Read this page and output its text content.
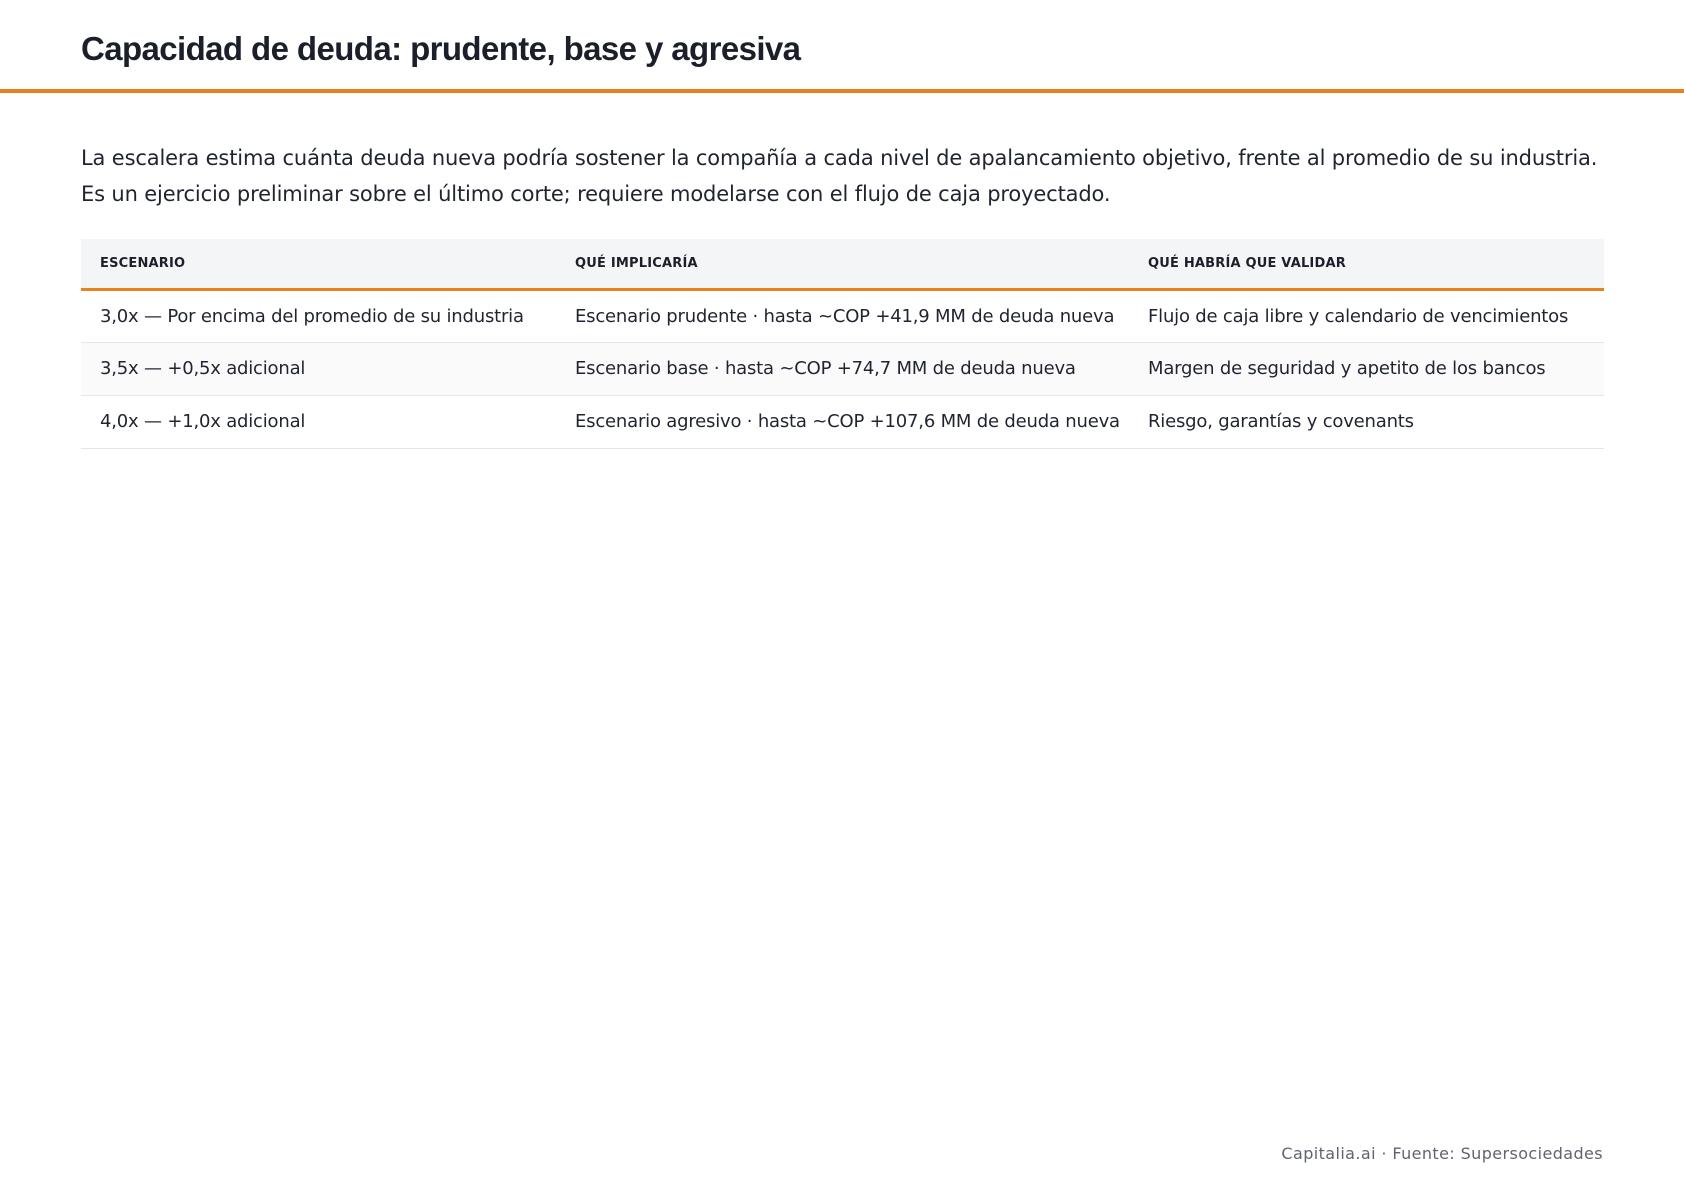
Capacidad de deuda: prudente, base y agresiva

La escalera estima cuánta deuda nueva podría sostener la compañía a cada nivel de apalancamiento objetivo, frente al promedio de su industria. Es un ejercicio preliminar sobre el último corte; requiere modelarse con el flujo de caja proyectado.

ESCENARIO	QUÉ IMPLICARÍA	QUÉ HABRÍA QUE VALIDAR
3,0x — Por encima del promedio de su industria	Escenario prudente · hasta ~COP +41,9 MM de deuda nueva	Flujo de caja libre y calendario de vencimientos
3,5x — +0,5x adicional	Escenario base · hasta ~COP +74,7 MM de deuda nueva	Margen de seguridad y apetito de los bancos
4,0x — +1,0x adicional	Escenario agresivo · hasta ~COP +107,6 MM de deuda nueva	Riesgo, garantías y covenants
Capitalia.ai · Fuente: Supersociedades
